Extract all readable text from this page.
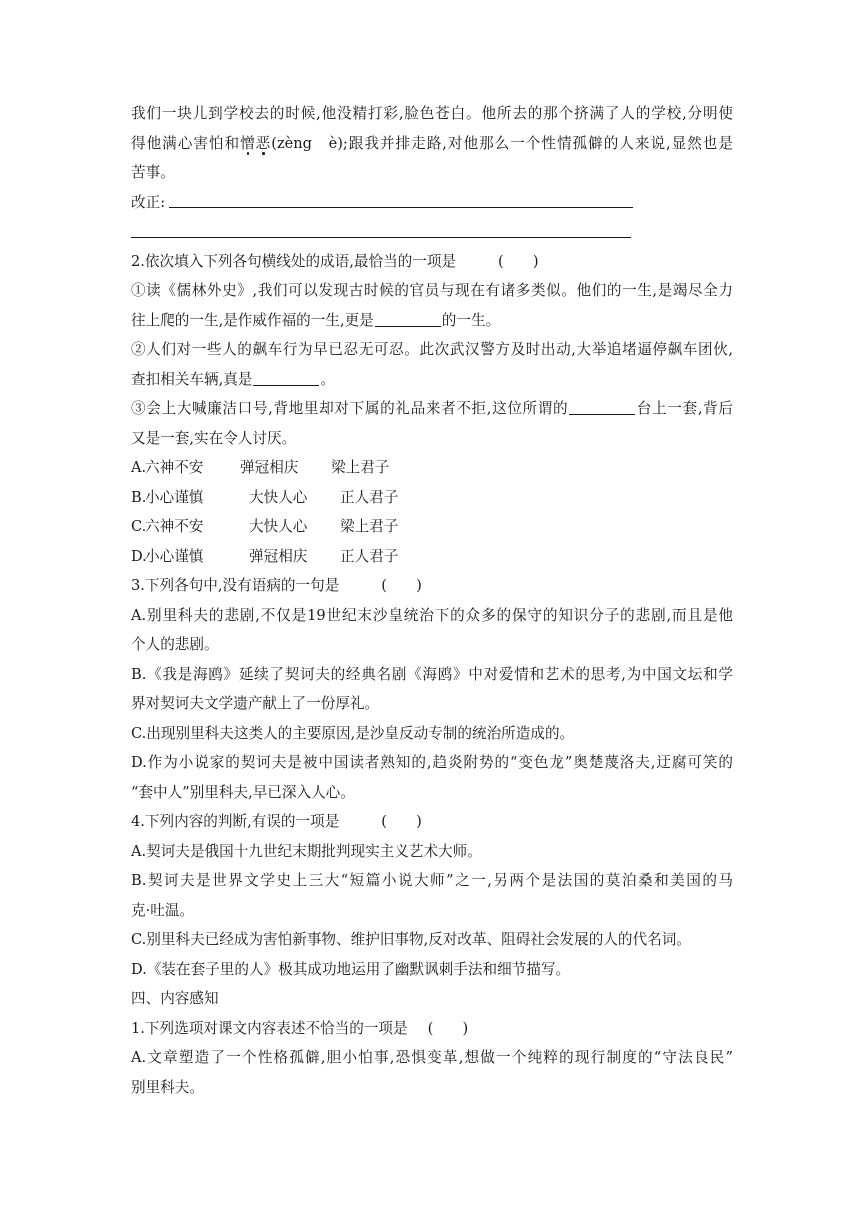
我们一块儿到学校去的时候,他没精打彩,脸色苍白。他所去的那个挤满了人的学校,分明使
得他满心害怕和憎恶(zèng　è);跟我并排走路,对他那么一个性情孤僻的人来说,显然也是
苦事。
改正:
2.依次填入下列各句横线处的成语,最恰当的一项是	(　　)
①读《儒林外史》,我们可以发现古时候的官员与现在有诸多类似。他们的一生,是竭尽全力
往上爬的一生,是作威作福的一生,更是	的一生。
②人们对一些人的飙车行为早已忍无可忍。此次武汉警方及时出动,大举追堵逼停飙车团伙,
查扣相关车辆,真是	。
③会上大喊廉洁口号,背地里却对下属的礼品来者不拒,这位所谓的	台上一套,背后
又是一套,实在令人讨厌。
A.六神不安	弹冠相庆 梁上君子
B.小心谨慎	大快人心 正人君子
C.六神不安	大快人心 梁上君子
D.小心谨慎	弹冠相庆 正人君子
3.下列各句中,没有语病的一句是	(　　)
A.别里科夫的悲剧,不仅是19世纪末沙皇统治下的众多的保守的知识分子的悲剧,而且是他
个人的悲剧。
B.《我是海鸥》延续了契诃夫的经典名剧《海鸥》中对爱情和艺术的思考,为中国文坛和学
界对契诃夫文学遗产献上了一份厚礼。
C.出现别里科夫这类人的主要原因,是沙皇反动专制的统治所造成的。
D.作为小说家的契诃夫是被中国读者熟知的,趋炎附势的“变色龙”奥楚蔑洛夫,迂腐可笑的
“套中人”别里科夫,早已深入人心。
4.下列内容的判断,有误的一项是	(　　)
A.契诃夫是俄国十九世纪末期批判现实主义艺术大师。
B.契诃夫是世界文学史上三大“短篇小说大师”之一,另两个是法国的莫泊桑和美国的马
克·吐温。
C.别里科夫已经成为害怕新事物、维护旧事物,反对改革、阻碍社会发展的人的代名词。
D.《装在套子里的人》极其成功地运用了幽默讽刺手法和细节描写。
四、内容感知
1.下列选项对课文内容表述不恰当的一项是 (　　)
A.文章塑造了一个性格孤僻,胆小怕事,恐惧变革,想做一个纯粹的现行制度的“守法良民”
别里科夫。
